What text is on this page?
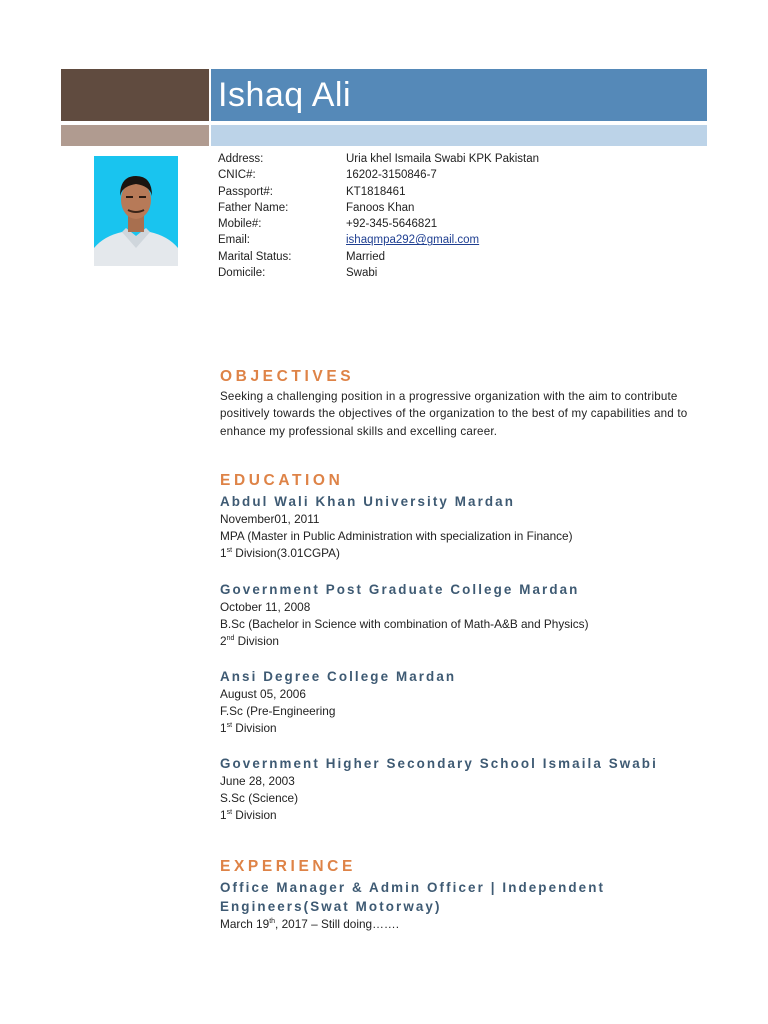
Ishaq Ali
Address:	Uria khel Ismaila Swabi KPK Pakistan
CNIC#:	16202-3150846-7
Passport#:	KT1818461
Father Name:	Fanoos Khan
Mobile#:	+92-345-5646821
Email:	ishaqmpa292@gmail.com
Marital Status:	Married
Domicile:	Swabi
OBJECTIVES
Seeking a challenging position in a progressive organization with the aim to contribute positively towards the objectives of the organization to the best of my capabilities and to enhance my professional skills and excelling career.
EDUCATION
Abdul Wali Khan University Mardan
November01, 2011
MPA (Master in Public Administration with specialization in Finance)
1st Division(3.01CGPA)
Government Post Graduate College Mardan
October 11, 2008
B.Sc (Bachelor in Science with combination of Math-A&B and Physics)
2nd Division
Ansi Degree College Mardan
August 05, 2006
F.Sc (Pre-Engineering
1st Division
Government Higher Secondary School Ismaila Swabi
June 28, 2003
S.Sc (Science)
1st Division
EXPERIENCE
Office Manager & Admin Officer | Independent
Engineers(Swat Motorway)
March 19th, 2017 – Still doing…….
